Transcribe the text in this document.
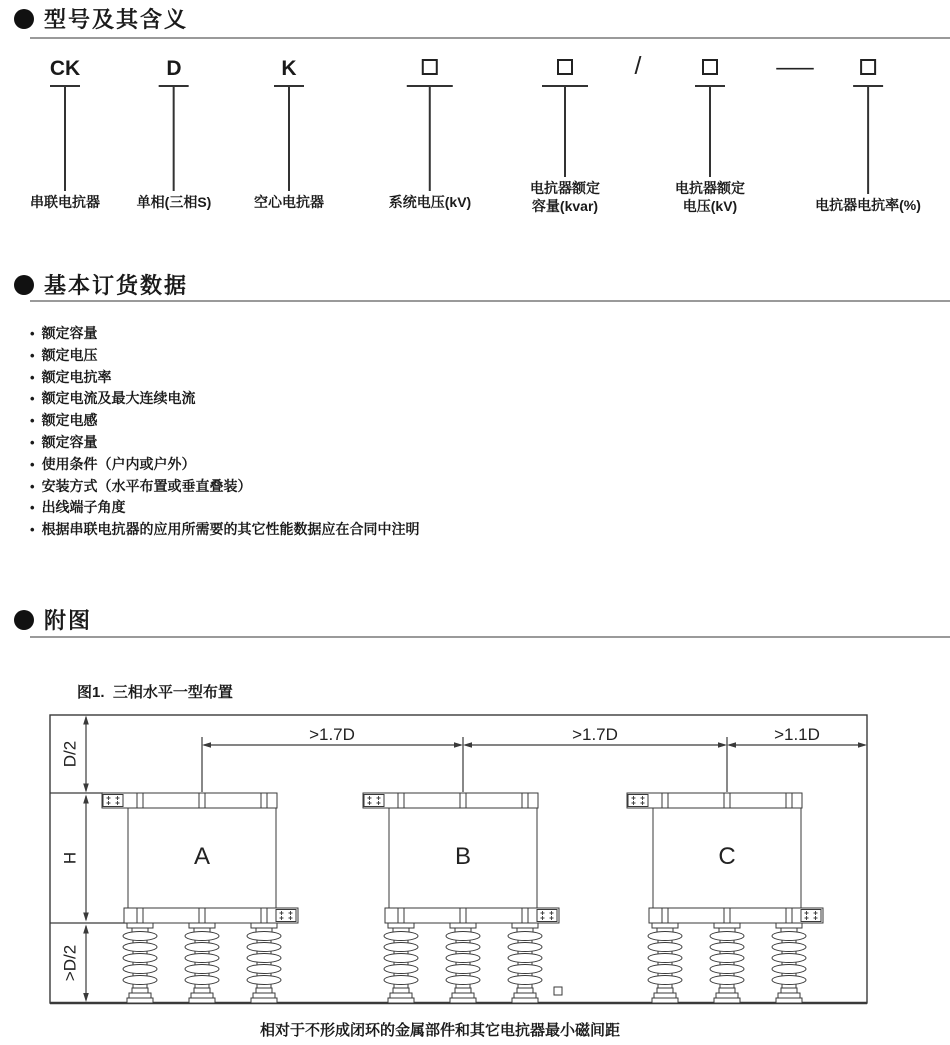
型号及其含义
CK
串联电抗器
D
单相(三相S)
K
空心电抗器	系统电压(kV)
电抗器额定
容量(kvar)
电抗器额定
电压(kV)	电抗器电抗率(%)
/	—
基本订货数据
• 额定容量
• 额定电压
• 额定电抗率
• 额定电流及最大连续电流
• 额定电感
• 额定容量
• 使用条件（户内或户外）
• 安装方式（水平布置或垂直叠装）
• 出线端子角度
• 根据串联电抗器的应用所需要的其它性能数据应在合同中注明
附图
图1.  三相水平一型布置
>1.7D	>1.7D	>1.1D
D/2
H
>D/2
A	B	C
相对于不形成闭环的金属部件和其它电抗器最小磁间距
